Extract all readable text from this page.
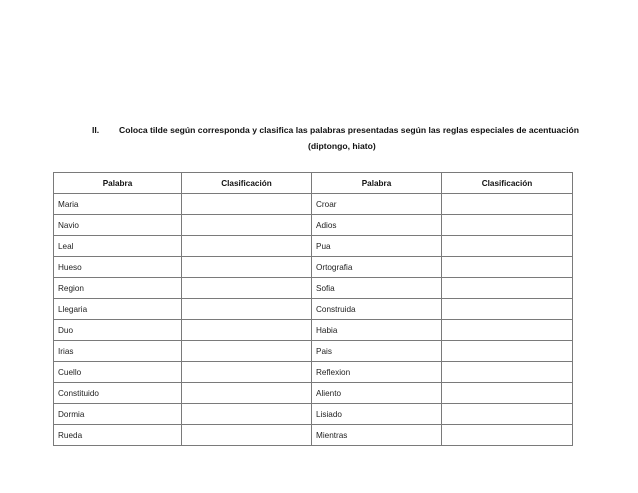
II. Coloca tilde según corresponda y clasifica las palabras presentadas según las reglas especiales de acentuación
(diptongo, hiato)
Palabra	Clasificación	Palabra	Clasificación
Maria		Croar	
Navio		Adios	
Leal		Pua	
Hueso		Ortografia	
Region		Sofia	
Llegaria		Construida	
Duo		Habia	
Irias		Pais	
Cuello		Reflexion	
Constituido		Aliento	
Dormia		Lisiado	
Rueda		Mientras	
